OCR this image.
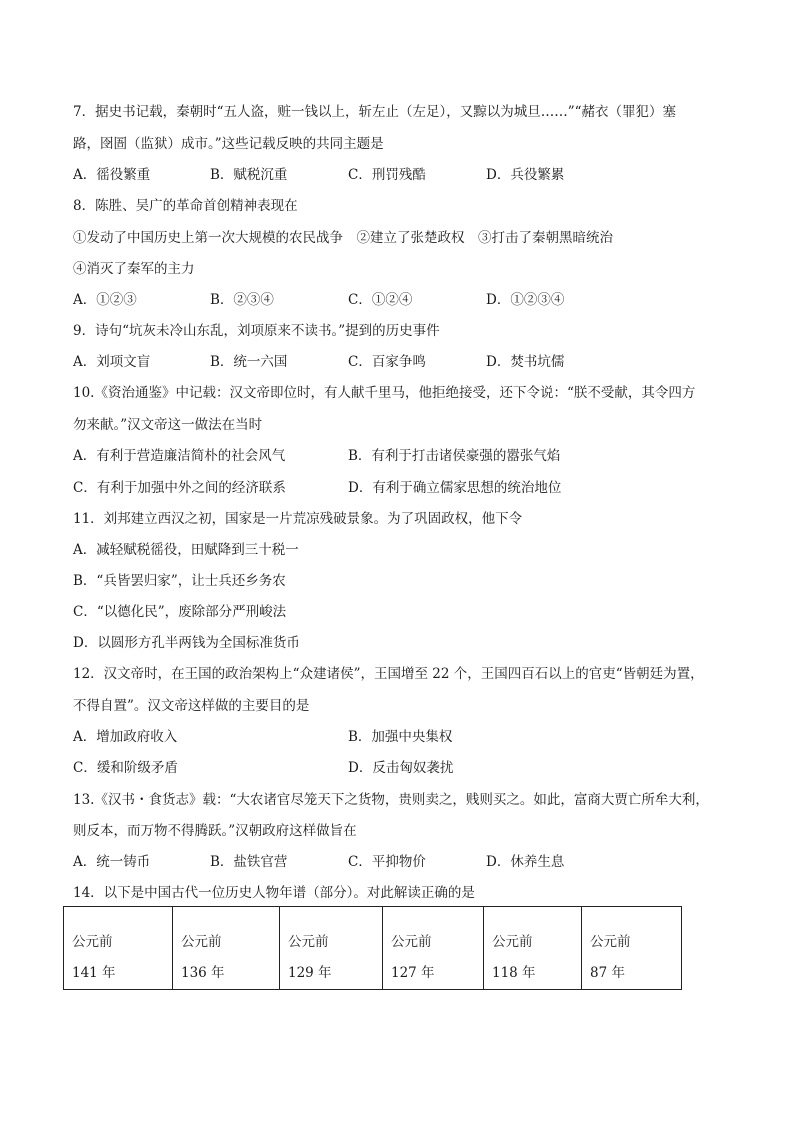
7．据史书记载，秦朝时“五人盗，赃一钱以上，斩左止（左足），又黥以为城旦……”“赭衣（罪犯）塞
路，囹圄（监狱）成市。”这些记载反映的共同主题是
A．徭役繁重	B．赋税沉重	C．刑罚残酷	D．兵役繁累
8．陈胜、吴广的革命首创精神表现在
①发动了中国历史上第一次大规模的农民战争　②建立了张楚政权　③打击了秦朝黑暗统治
④消灭了秦军的主力
A．①②③	B．②③④	C．①②④	D．①②③④
9．诗句“坑灰未冷山东乱，刘项原来不读书。”提到的历史事件
A．刘项文盲	B．统一六国	C．百家争鸣	D．焚书坑儒
10.《资治通鉴》中记载：汉文帝即位时，有人献千里马，他拒绝接受，还下令说：“朕不受献，其令四方
勿来献。”汉文帝这一做法在当时
A．有利于营造廉洁简朴的社会风气	B．有利于打击诸侯豪强的嚣张气焰
C．有利于加强中外之间的经济联系	D．有利于确立儒家思想的统治地位
11．刘邦建立西汉之初，国家是一片荒凉残破景象。为了巩固政权，他下令
A．减轻赋税徭役，田赋降到三十税一
B．“兵皆罢归家”，让士兵还乡务农
C．“以德化民”，废除部分严刑峻法
D．以圆形方孔半两钱为全国标准货币
12．汉文帝时，在王国的政治架构上“众建诸侯”，王国增至 22 个，王国四百石以上的官吏“皆朝廷为置，
不得自置”。汉文帝这样做的主要目的是
A．增加政府收入	B．加强中央集权
C．缓和阶级矛盾	D．反击匈奴袭扰
13.《汉书・食货志》载：“大农诸官尽笼天下之货物，贵则卖之，贱则买之。如此，富商大贾亡所牟大利，
则反本，而万物不得腾跃。”汉朝政府这样做旨在
A．统一铸币	B．盐铁官营	C．平抑物价	D．休养生息
14．以下是中国古代一位历史人物年谱（部分）。对此解读正确的是
公元前
141 年	公元前
136 年	公元前
129 年	公元前
127 年	公元前
118 年	公元前
87 年
